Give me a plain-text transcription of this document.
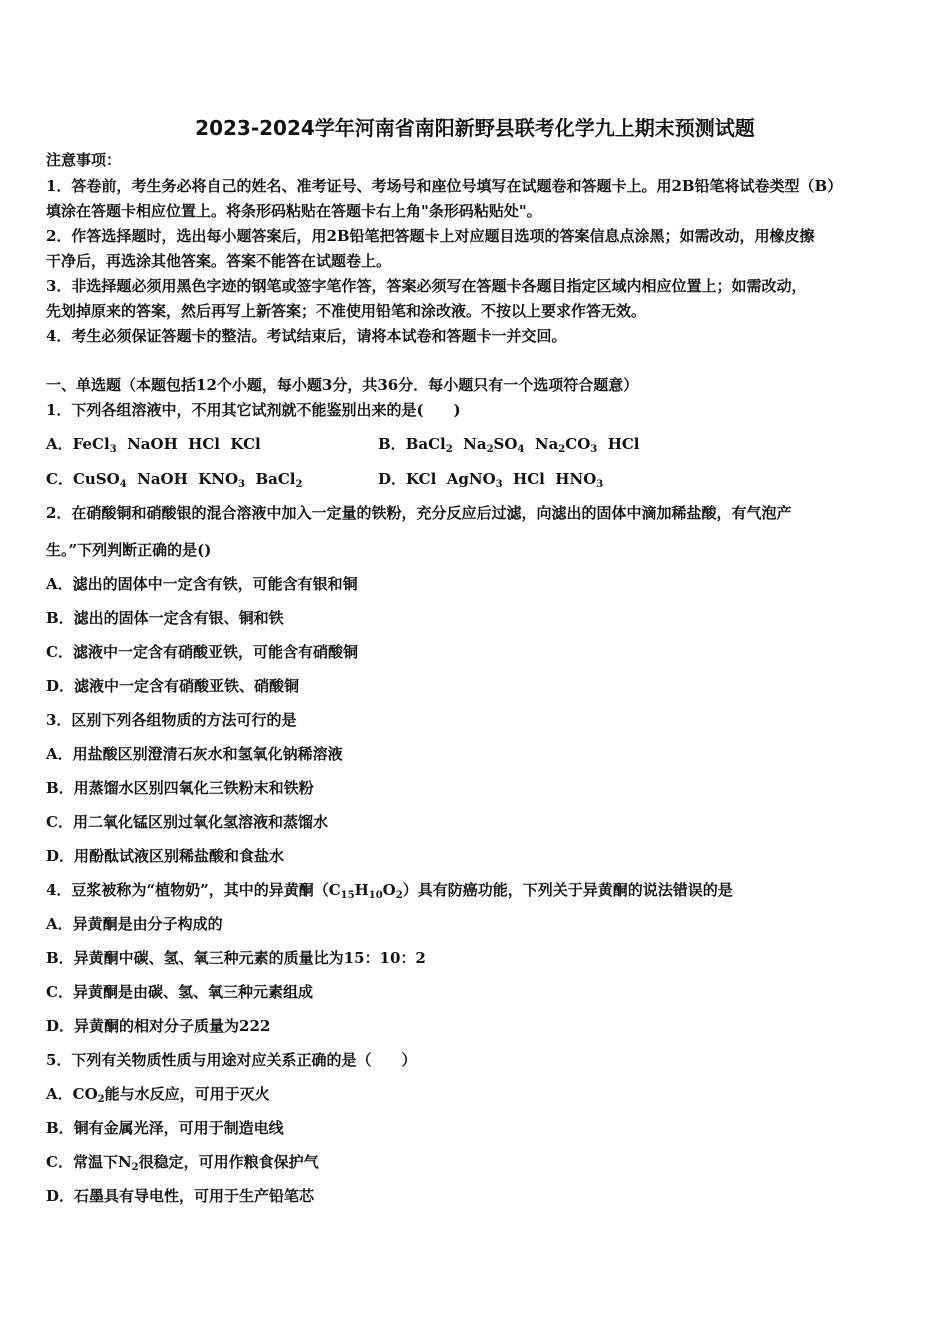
2023-2024学年河南省南阳新野县联考化学九上期末预测试题
注意事项：
1．答卷前，考生务必将自己的姓名、准考证号、考场号和座位号填写在试题卷和答题卡上。用2B铅笔将试卷类型（B）
填涂在答题卡相应位置上。将条形码粘贴在答题卡右上角"条形码粘贴处"。
2．作答选择题时，选出每小题答案后，用2B铅笔把答题卡上对应题目选项的答案信息点涂黑；如需改动，用橡皮擦
干净后，再选涂其他答案。答案不能答在试题卷上。
3．非选择题必须用黑色字迹的钢笔或签字笔作答，答案必须写在答题卡各题目指定区域内相应位置上；如需改动，
先划掉原来的答案，然后再写上新答案；不准使用铅笔和涂改液。不按以上要求作答无效。
4．考生必须保证答题卡的整洁。考试结束后，请将本试卷和答题卡一并交回。
一、单选题（本题包括12个小题，每小题3分，共36分．每小题只有一个选项符合题意）
1．下列各组溶液中，不用其它试剂就不能鉴别出来的是(　　)
A．FeCl$_3$  NaOH  HCl  KCl	B．BaCl$_2$  $Na_2SO_4$  $Na_2CO_3$  HCl
C．CuSO$_4$  NaOH  $KNO_3$  BaCl$_2$	D．KCl  AgNO$_3$  HCl  $HNO_3$
2．在硝酸铜和硝酸银的混合溶液中加入一定量的铁粉，充分反应后过滤，向滤出的固体中滴加稀盐酸，有气泡产
生。”下列判断正确的是()
A．滤出的固体中一定含有铁，可能含有银和铜
B．滤出的固体一定含有银、铜和铁
C．滤液中一定含有硝酸亚铁，可能含有硝酸铜
D．滤液中一定含有硝酸亚铁、硝酸铜
3．区别下列各组物质的方法可行的是
A．用盐酸区别澄清石灰水和氢氧化钠稀溶液
B．用蒸馏水区别四氧化三铁粉末和铁粉
C．用二氧化锰区别过氧化氢溶液和蒸馏水
D．用酚酞试液区别稀盐酸和食盐水
4．豆浆被称为“植物奶”，其中的异黄酮$(C_{15}H_{10}O_2)$具有防癌功能，下列关于异黄酮的说法错误的是
A．异黄酮是由分子构成的
B．异黄酮中碳、氢、氧三种元素的质量比为15：10：2
C．异黄酮是由碳、氢、氧三种元素组成
D．异黄酮的相对分子质量为222
5．下列有关物质性质与用途对应关系正确的是（　　）
A．$CO_2$能与水反应，可用于灭火
B．铜有金属光泽，可用于制造电线
C．常温下$N_2$很稳定，可用作粮食保护气
D．石墨具有导电性，可用于生产铅笔芯
